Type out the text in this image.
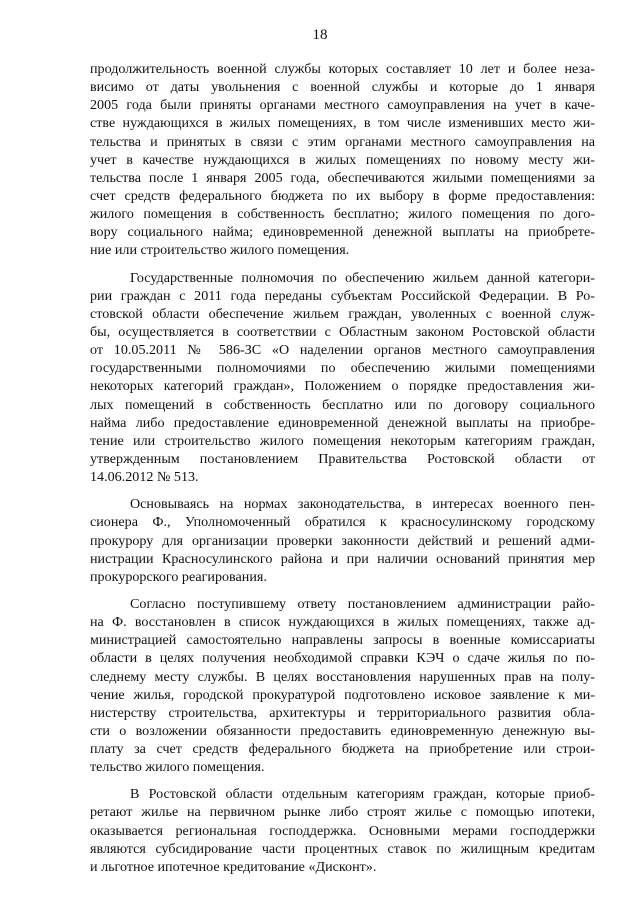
18
продолжительность военной службы которых составляет 10 лет и более неза-
висимо от даты увольнения с военной службы и которые до 1 января
2005 года были приняты органами местного самоуправления на учет в каче-
стве нуждающихся в жилых помещениях, в том числе изменивших место жи-
тельства и принятых в связи с этим органами местного самоуправления на
учет в качестве нуждающихся в жилых помещениях по новому месту жи-
тельства после 1 января 2005 года, обеспечиваются жилыми помещениями за
счет средств федерального бюджета по их выбору в форме предоставления:
жилого помещения в собственность бесплатно; жилого помещения по дого-
вору социального найма; единовременной денежной выплаты на приобрете-
ние или строительство жилого помещения.
Государственные полномочия по обеспечению жильем данной категори-
рии граждан с 2011 года переданы субъектам Российской Федерации. В Ро-
стовской области обеспечение жильем граждан, уволенных с военной служ-
бы, осуществляется в соответствии с Областным законом Ростовской области
от 10.05.2011 № 586-ЗС «О наделении органов местного самоуправления
государственными полномочиями по обеспечению жилыми помещениями
некоторых категорий граждан», Положением о порядке предоставления жи-
лых помещений в собственность бесплатно или по договору социального
найма либо предоставление единовременной денежной выплаты на приобре-
тение или строительство жилого помещения некоторым категориям граждан,
утвержденным постановлением Правительства Ростовской области от
14.06.2012 № 513.
Основываясь на нормах законодательства, в интересах военного пен-
сионера Ф., Уполномоченный обратился к красносулинскому городскому
прокурору для организации проверки законности действий и решений адми-
нистрации Красносулинского района и при наличии оснований принятия мер
прокурорского реагирования.
Согласно поступившему ответу постановлением администрации райо-
на Ф. восстановлен в список нуждающихся в жилых помещениях, также ад-
министрацией самостоятельно направлены запросы в военные комиссариаты
области в целях получения необходимой справки КЭЧ о сдаче жилья по по-
следнему месту службы. В целях восстановления нарушенных прав на полу-
чение жилья, городской прокуратурой подготовлено исковое заявление к ми-
нистерству строительства, архитектуры и территориального развития обла-
сти о возложении обязанности предоставить единовременную денежную вы-
плату за счет средств федерального бюджета на приобретение или строи-
тельство жилого помещения.
В Ростовской области отдельным категориям граждан, которые приоб-
ретают жилье на первичном рынке либо строят жилье с помощью ипотеки,
оказывается региональная господдержка. Основными мерами господдержки
являются субсидирование части процентных ставок по жилищным кредитам
и льготное ипотечное кредитование «Дисконт».
